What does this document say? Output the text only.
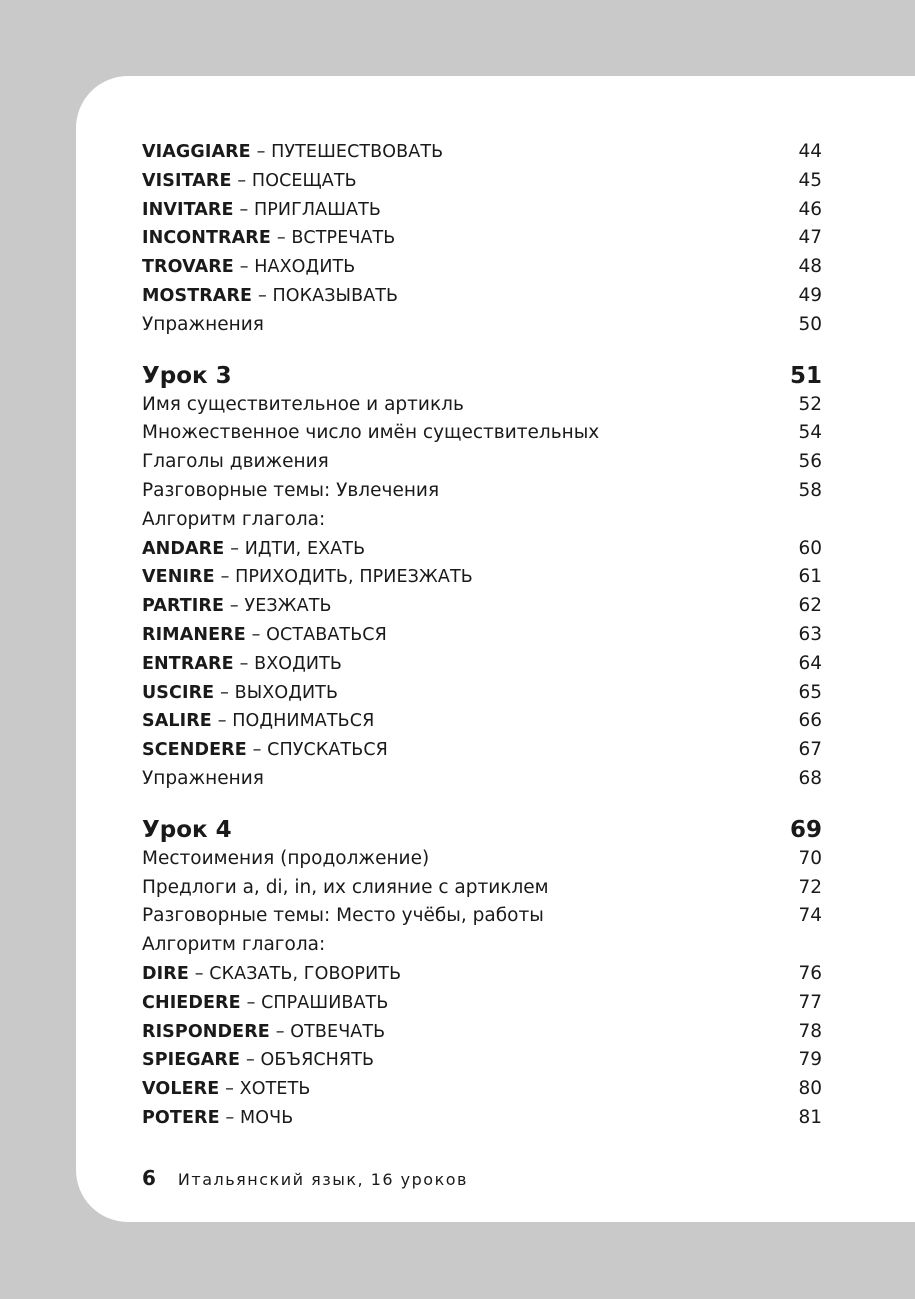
VIAGGIARE – ПУТЕШЕСТВОВАТЬ	44
VISITARE – ПОСЕЩАТЬ	45
INVITARE – ПРИГЛАШАТЬ	46
INCONTRARE – ВСТРЕЧАТЬ	47
TROVARE – НАХОДИТЬ	48
MOSTRARE – ПОКАЗЫВАТЬ	49
Упражнения	50
Урок 3	51
Имя существительное и артикль	52
Множественное число имён существительных	54
Глаголы движения	56
Разговорные темы: Увлечения	58
Алгоритм глагола:
ANDARE – ИДТИ, ЕХАТЬ	60
VENIRE – ПРИХОДИТЬ, ПРИЕЗЖАТЬ	61
PARTIRE – УЕЗЖАТЬ	62
RIMANERE – ОСТАВАТЬСЯ	63
ENTRARE – ВХОДИТЬ	64
USCIRE – ВЫХОДИТЬ	65
SALIRE – ПОДНИМАТЬСЯ	66
SCENDERE – СПУСКАТЬСЯ	67
Упражнения	68
Урок 4	69
Местоимения (продолжение)	70
Предлоги a, di, in, их слияние с артиклем	72
Разговорные темы: Место учёбы, работы	74
Алгоритм глагола:
DIRE – СКАЗАТЬ, ГОВОРИТЬ	76
CHIEDERE – СПРАШИВАТЬ	77
RISPONDERE – ОТВЕЧАТЬ	78
SPIEGARE – ОБЪЯСНЯТЬ	79
VOLERE – ХОТЕТЬ	80
POTERE – МОЧЬ	81
6 Итальянский язык, 16 уроков
